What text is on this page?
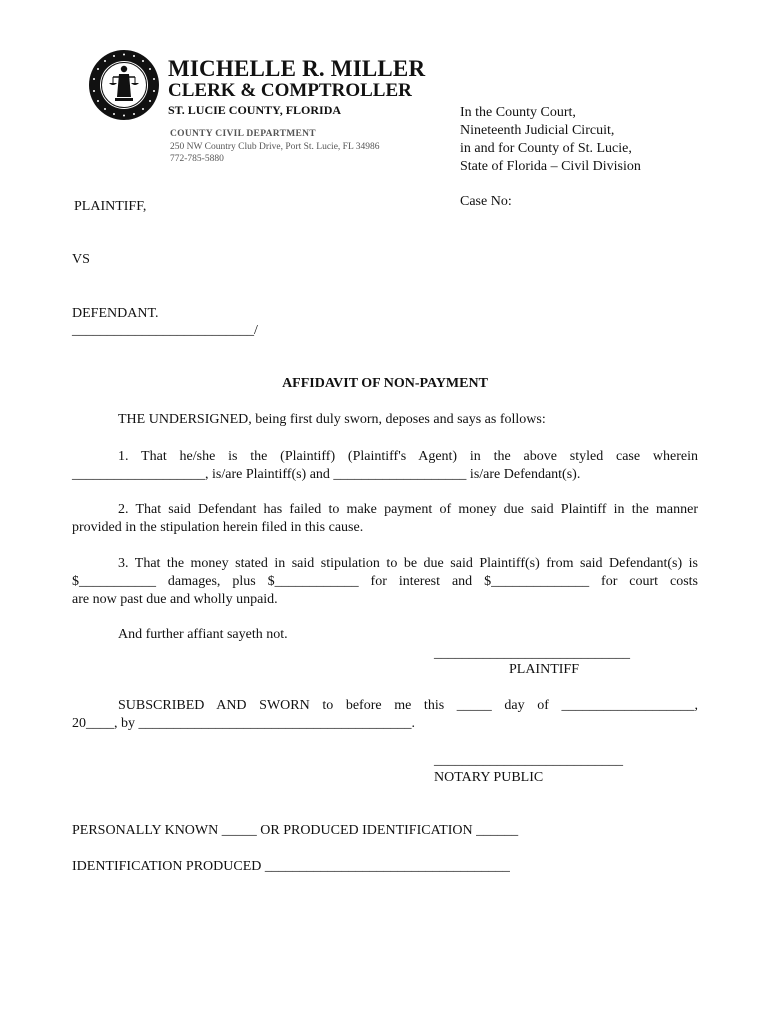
MICHELLE R. MILLER
CLERK & COMPTROLLER
ST. LUCIE COUNTY, FLORIDA
COUNTY CIVIL DEPARTMENT
250 NW Country Club Drive, Port St. Lucie, FL 34986
772-785-5880
In the County Court,
Nineteenth Judicial Circuit,
in and for County of St. Lucie,
State of Florida – Civil Division
Case No:
PLAINTIFF,
VS
DEFENDANT.
__________________________/
AFFIDAVIT OF NON-PAYMENT
THE UNDERSIGNED, being first duly sworn, deposes and says as follows:
1. That he/she is the (Plaintiff) (Plaintiff's Agent) in the above styled case wherein
___________________, is/are Plaintiff(s) and ___________________ is/are Defendant(s).
2. That said Defendant has failed to make payment of money due said Plaintiff in the manner
provided in the stipulation herein filed in this cause.
3. That the money stated in said stipulation to be due said Plaintiff(s) from said Defendant(s) is
$___________ damages, plus $____________ for interest and $______________ for court costs
are now past due and wholly unpaid.
And further affiant sayeth not.
____________________________
PLAINTIFF
SUBSCRIBED AND SWORN to before me this _____ day of ___________________,
20____, by _______________________________________.
___________________________
NOTARY PUBLIC
PERSONALLY KNOWN _____ OR PRODUCED IDENTIFICATION ______
IDENTIFICATION PRODUCED ___________________________________
